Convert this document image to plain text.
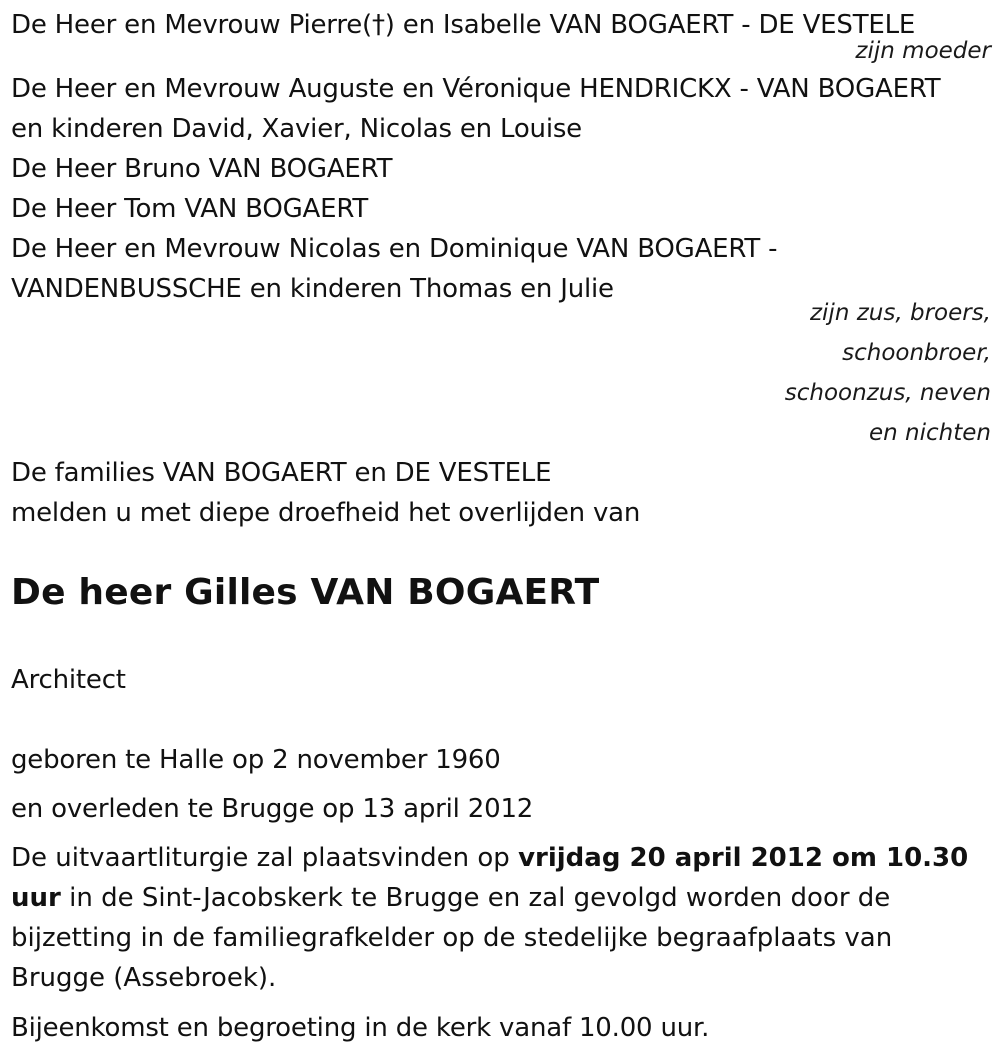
De Heer en Mevrouw Pierre(†) en Isabelle VAN BOGAERT - DE VESTELE
zijn moeder
De Heer en Mevrouw Auguste en Véronique HENDRICKX - VAN BOGAERT
en kinderen David, Xavier, Nicolas en Louise
De Heer Bruno VAN BOGAERT
De Heer Tom VAN BOGAERT
De Heer en Mevrouw Nicolas en Dominique VAN BOGAERT -
VANDENBUSSCHE en kinderen Thomas en Julie
zijn zus, broers,
schoonbroer,
schoonzus, neven
en nichten
De families VAN BOGAERT en DE VESTELE
melden u met diepe droefheid het overlijden van
De heer Gilles VAN BOGAERT
Architect
geboren te Halle op 2 november 1960
en overleden te Brugge op 13 april 2012
De uitvaartliturgie zal plaatsvinden op vrijdag 20 april 2012 om 10.30 uur in de Sint-Jacobskerk te Brugge en zal gevolgd worden door de bijzetting in de familiegrafkelder op de stedelijke begraafplaats van Brugge (Assebroek).
Bijeenkomst en begroeting in de kerk vanaf 10.00 uur.
